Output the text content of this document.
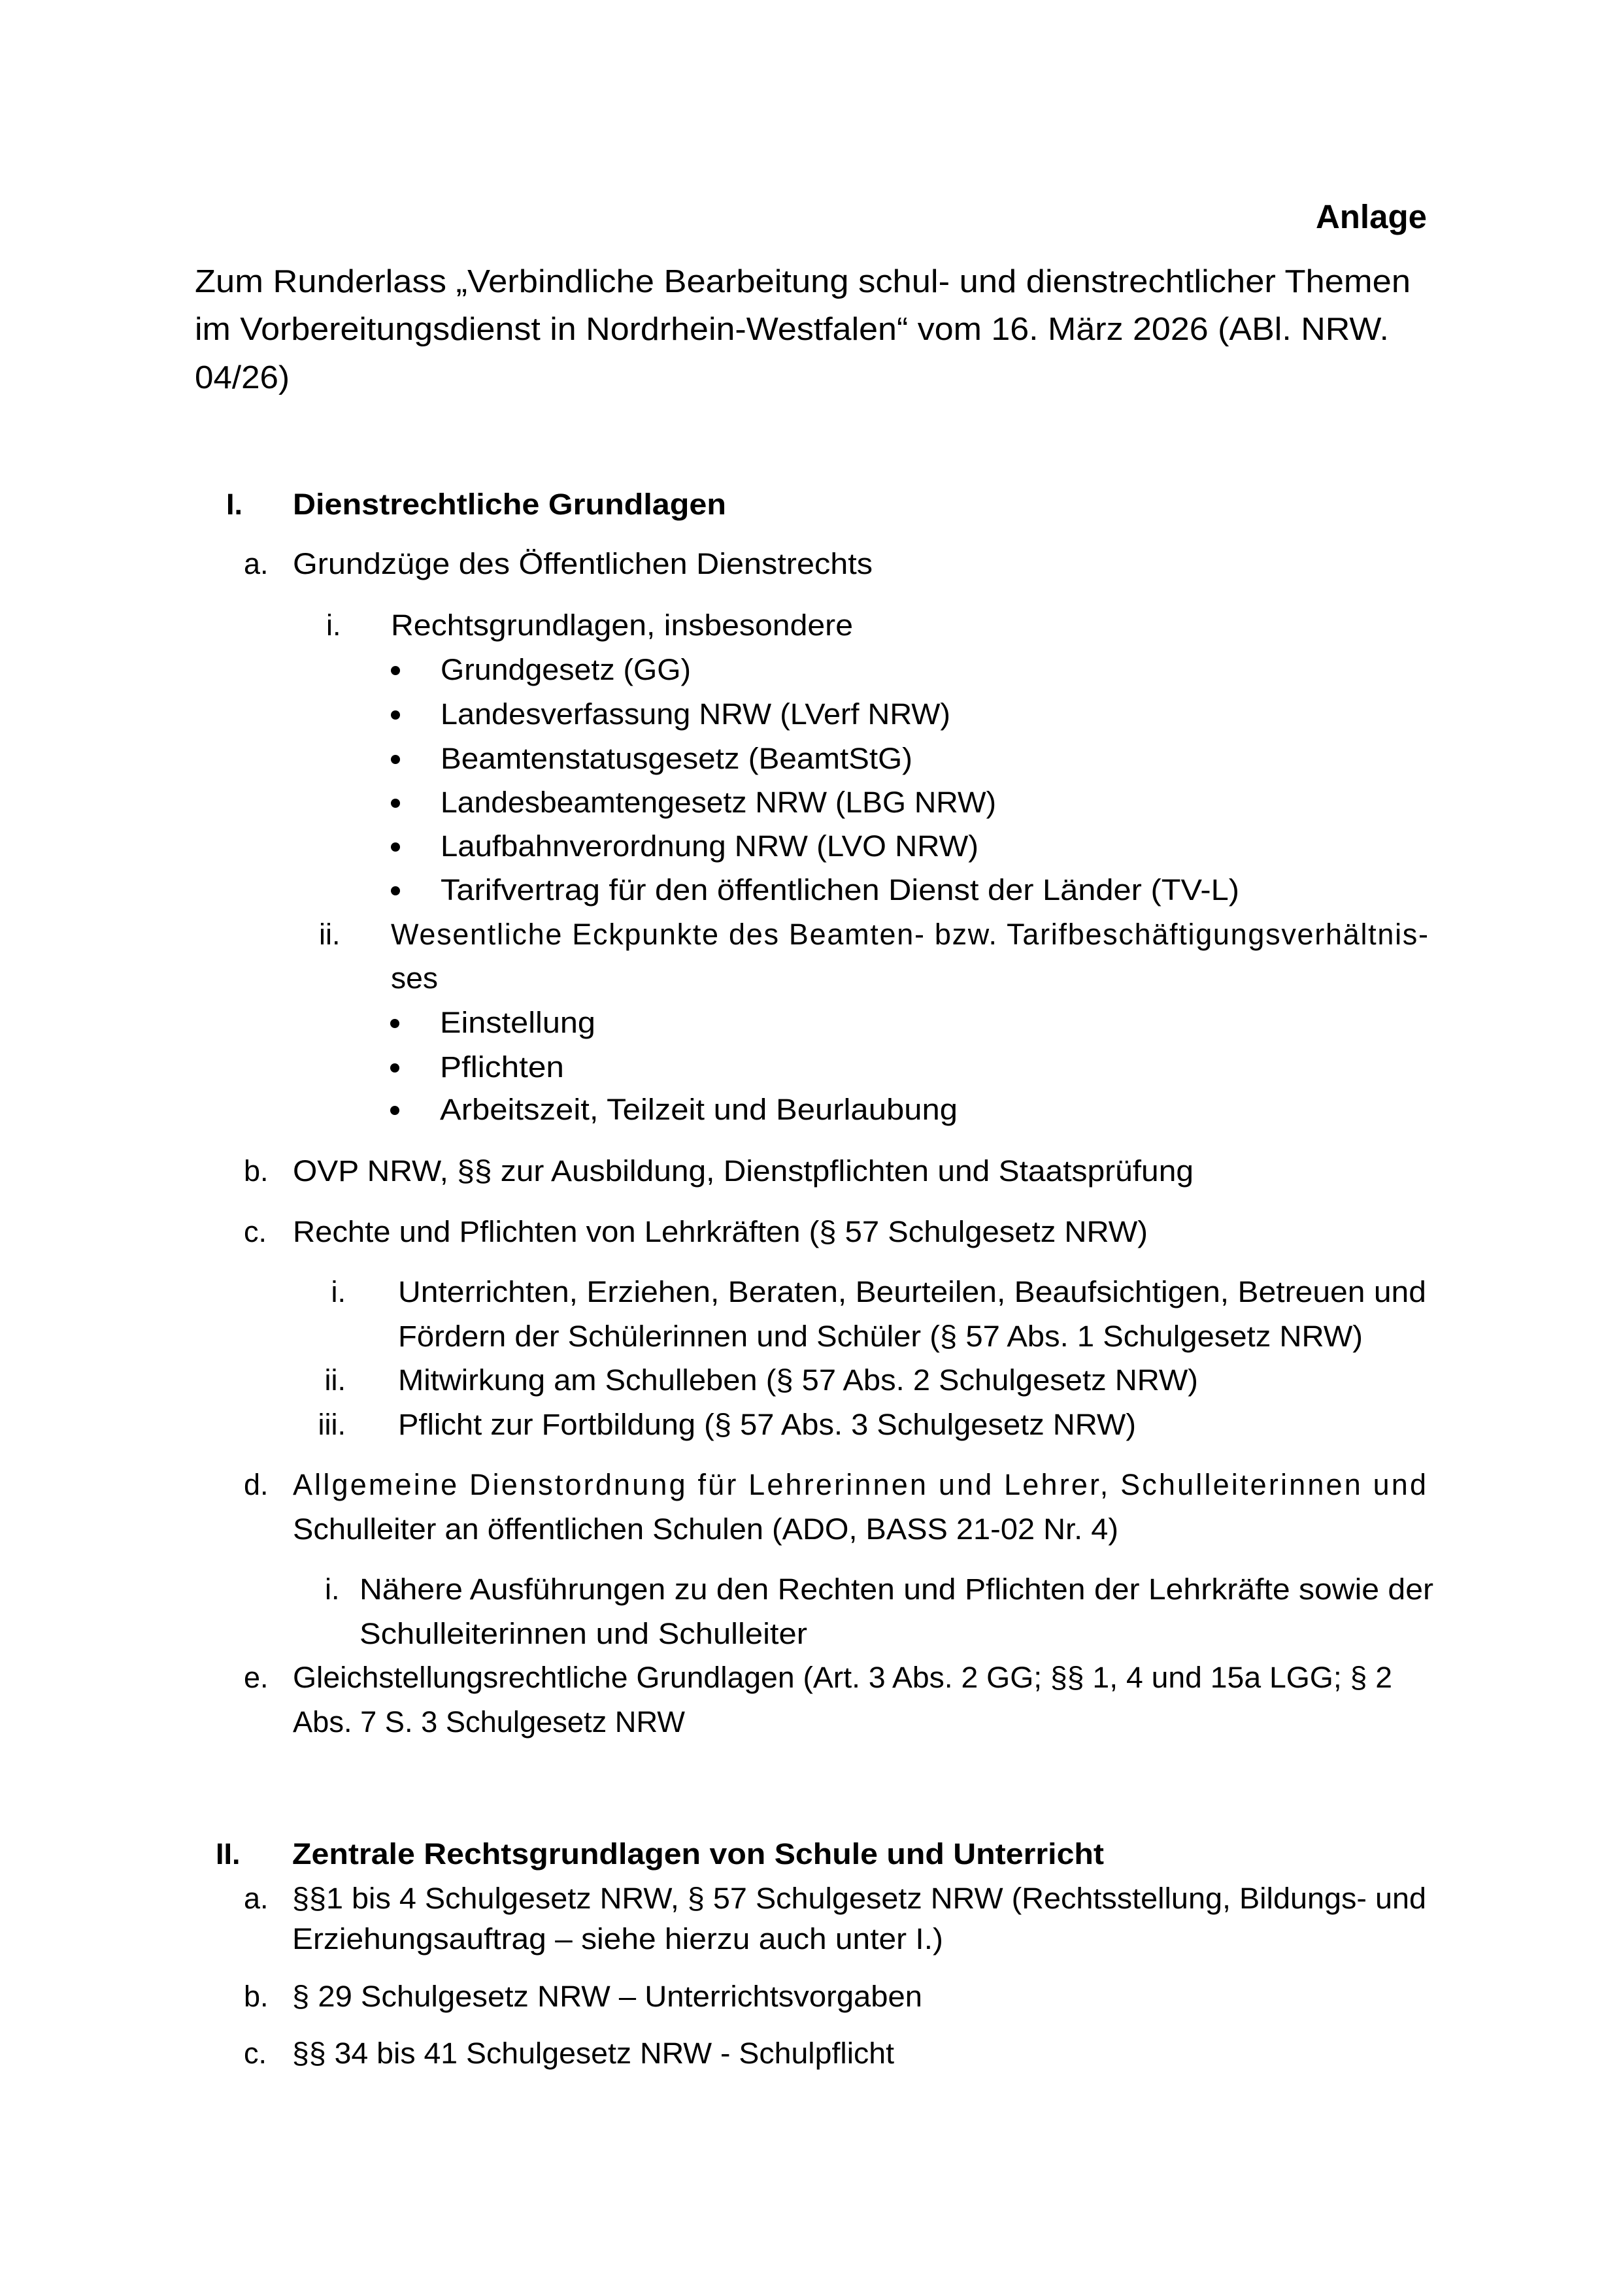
Anlage
Zum Runderlass „Verbindliche Bearbeitung schul- und dienstrechtlicher Themen
im Vorbereitungsdienst in Nordrhein-Westfalen“ vom 16. März 2026 (ABl. NRW.
04/26)
I. Dienstrechtliche Grundlagen
a. Grundzüge des Öffentlichen Dienstrechts
i. Rechtsgrundlagen, insbesondere
Grundgesetz (GG)
Landesverfassung NRW (LVerf NRW)
Beamtenstatusgesetz (BeamtStG)
Landesbeamtengesetz NRW (LBG NRW)
Laufbahnverordnung NRW (LVO NRW)
Tarifvertrag für den öffentlichen Dienst der Länder (TV-L)
ii. Wesentliche Eckpunkte des Beamten- bzw. Tarifbeschäftigungsverhältnis-
ses
Einstellung
Pflichten
Arbeitszeit, Teilzeit und Beurlaubung
b. OVP NRW, §§ zur Ausbildung, Dienstpflichten und Staatsprüfung
c. Rechte und Pflichten von Lehrkräften (§ 57 Schulgesetz NRW)
i. Unterrichten, Erziehen, Beraten, Beurteilen, Beaufsichtigen, Betreuen und
Fördern der Schülerinnen und Schüler (§ 57 Abs. 1 Schulgesetz NRW)
ii. Mitwirkung am Schulleben (§ 57 Abs. 2 Schulgesetz NRW)
iii. Pflicht zur Fortbildung (§ 57 Abs. 3 Schulgesetz NRW)
d. Allgemeine Dienstordnung für Lehrerinnen und Lehrer, Schulleiterinnen und
Schulleiter an öffentlichen Schulen (ADO, BASS 21-02 Nr. 4)
i. Nähere Ausführungen zu den Rechten und Pflichten der Lehrkräfte sowie der
Schulleiterinnen und Schulleiter
e. Gleichstellungsrechtliche Grundlagen (Art. 3 Abs. 2 GG; §§ 1, 4 und 15a LGG; § 2
Abs. 7 S. 3 Schulgesetz NRW
II. Zentrale Rechtsgrundlagen von Schule und Unterricht
a. §§1 bis 4 Schulgesetz NRW, § 57 Schulgesetz NRW (Rechtsstellung, Bildungs- und
Erziehungsauftrag – siehe hierzu auch unter I.)
b. § 29 Schulgesetz NRW – Unterrichtsvorgaben
c. §§ 34 bis 41 Schulgesetz NRW - Schulpflicht
